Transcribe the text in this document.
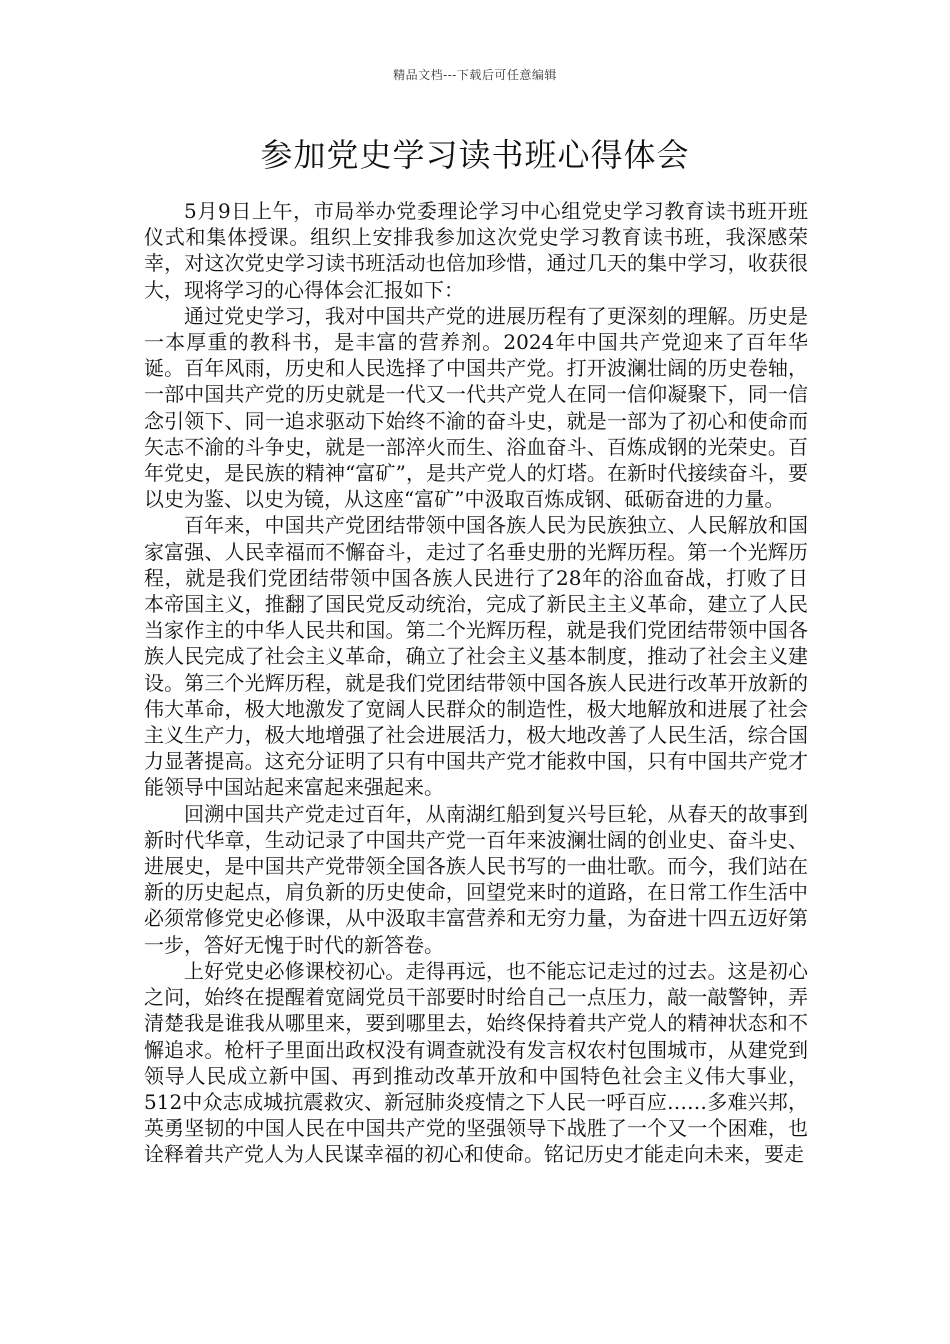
精品文档---下载后可任意编辑
参加党史学习读书班心得体会

5月9日上午，市局举办党委理论学习中心组党史学习教育读书班开班仪式和集体授课。组织上安排我参加这次党史学习教育读书班，我深感荣幸，对这次党史学习读书班活动也倍加珍惜，通过几天的集中学习，收获很大，现将学习的心得体会汇报如下：

通过党史学习，我对中国共产党的进展历程有了更深刻的理解。历史是一本厚重的教科书，是丰富的营养剂。2024年中国共产党迎来了百年华诞。百年风雨，历史和人民选择了中国共产党。打开波澜壮阔的历史卷轴，一部中国共产党的历史就是一代又一代共产党人在同一信仰凝聚下，同一信念引领下、同一追求驱动下始终不渝的奋斗史，就是一部为了初心和使命而矢志不渝的斗争史，就是一部淬火而生、浴血奋斗、百炼成钢的光荣史。百年党史，是民族的精神“富矿”，是共产党人的灯塔。在新时代接续奋斗，要以史为鉴、以史为镜，从这座“富矿”中汲取百炼成钢、砥砺奋进的力量。

百年来，中国共产党团结带领中国各族人民为民族独立、人民解放和国家富强、人民幸福而不懈奋斗，走过了名垂史册的光辉历程。第一个光辉历程，就是我们党团结带领中国各族人民进行了28年的浴血奋战，打败了日本帝国主义，推翻了国民党反动统治，完成了新民主主义革命，建立了人民当家作主的中华人民共和国。第二个光辉历程，就是我们党团结带领中国各族人民完成了社会主义革命，确立了社会主义基本制度，推动了社会主义建设。第三个光辉历程，就是我们党团结带领中国各族人民进行改革开放新的伟大革命，极大地激发了宽阔人民群众的制造性，极大地解放和进展了社会主义生产力，极大地增强了社会进展活力，极大地改善了人民生活，综合国力显著提高。这充分证明了只有中国共产党才能救中国，只有中国共产党才能领导中国站起来富起来强起来。

回溯中国共产党走过百年，从南湖红船到复兴号巨轮，从春天的故事到新时代华章，生动记录了中国共产党一百年来波澜壮阔的创业史、奋斗史、进展史，是中国共产党带领全国各族人民书写的一曲壮歌。而今，我们站在新的历史起点，肩负新的历史使命，回望党来时的道路，在日常工作生活中必须常修党史必修课，从中汲取丰富营养和无穷力量，为奋进十四五迈好第一步，答好无愧于时代的新答卷。

上好党史必修课校初心。走得再远，也不能忘记走过的过去。这是初心之问，始终在提醒着宽阔党员干部要时时给自己一点压力，敲一敲警钟，弄清楚我是谁我从哪里来，要到哪里去，始终保持着共产党人的精神状态和不懈追求。枪杆子里面出政权没有调查就没有发言权农村包围城市，从建党到领导人民成立新中国、再到推动改革开放和中国特色社会主义伟大事业，512中众志成城抗震救灾、新冠肺炎疫情之下人民一呼百应……多难兴邦，英勇坚韧的中国人民在中国共产党的坚强领导下战胜了一个又一个困难，也诠释着共产党人为人民谋幸福的初心和使命。铭记历史才能走向未来，要走
